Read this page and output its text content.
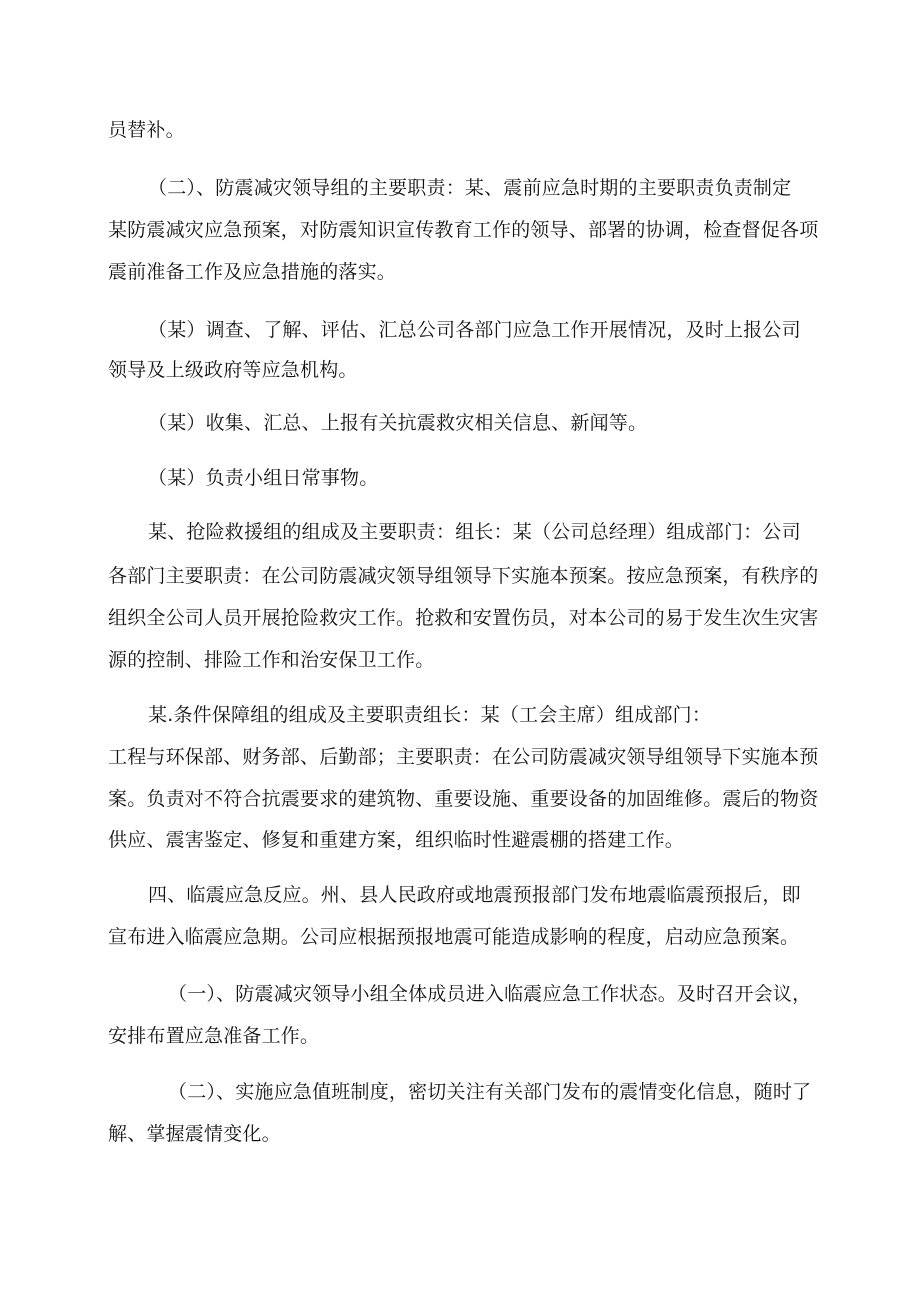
员替补。
（二）、防震减灾领导组的主要职责：某、震前应急时期的主要职责负责制定
某防震减灾应急预案，对防震知识宣传教育工作的领导、部署的协调，检查督促各项
震前准备工作及应急措施的落实。
（某）调查、了解、评估、汇总公司各部门应急工作开展情况，及时上报公司
领导及上级政府等应急机构。
（某）收集、汇总、上报有关抗震救灾相关信息、新闻等。
（某）负责小组日常事物。
某、抢险救援组的组成及主要职责：组长：某（公司总经理）组成部门：公司
各部门主要职责：在公司防震减灾领导组领导下实施本预案。按应急预案，有秩序的
组织全公司人员开展抢险救灾工作。抢救和安置伤员，对本公司的易于发生次生灾害
源的控制、排险工作和治安保卫工作。
某.条件保障组的组成及主要职责组长：某（工会主席）组成部门：
工程与环保部、财务部、后勤部；主要职责：在公司防震减灾领导组领导下实施本预
案。负责对不符合抗震要求的建筑物、重要设施、重要设备的加固维修。震后的物资
供应、震害鉴定、修复和重建方案，组织临时性避震棚的搭建工作。
四、临震应急反应。州、县人民政府或地震预报部门发布地震临震预报后，即
宣布进入临震应急期。公司应根据预报地震可能造成影响的程度，启动应急预案。
（一）、防震减灾领导小组全体成员进入临震应急工作状态。及时召开会议，
安排布置应急准备工作。
（二）、实施应急值班制度，密切关注有关部门发布的震情变化信息，随时了
解、掌握震情变化。
